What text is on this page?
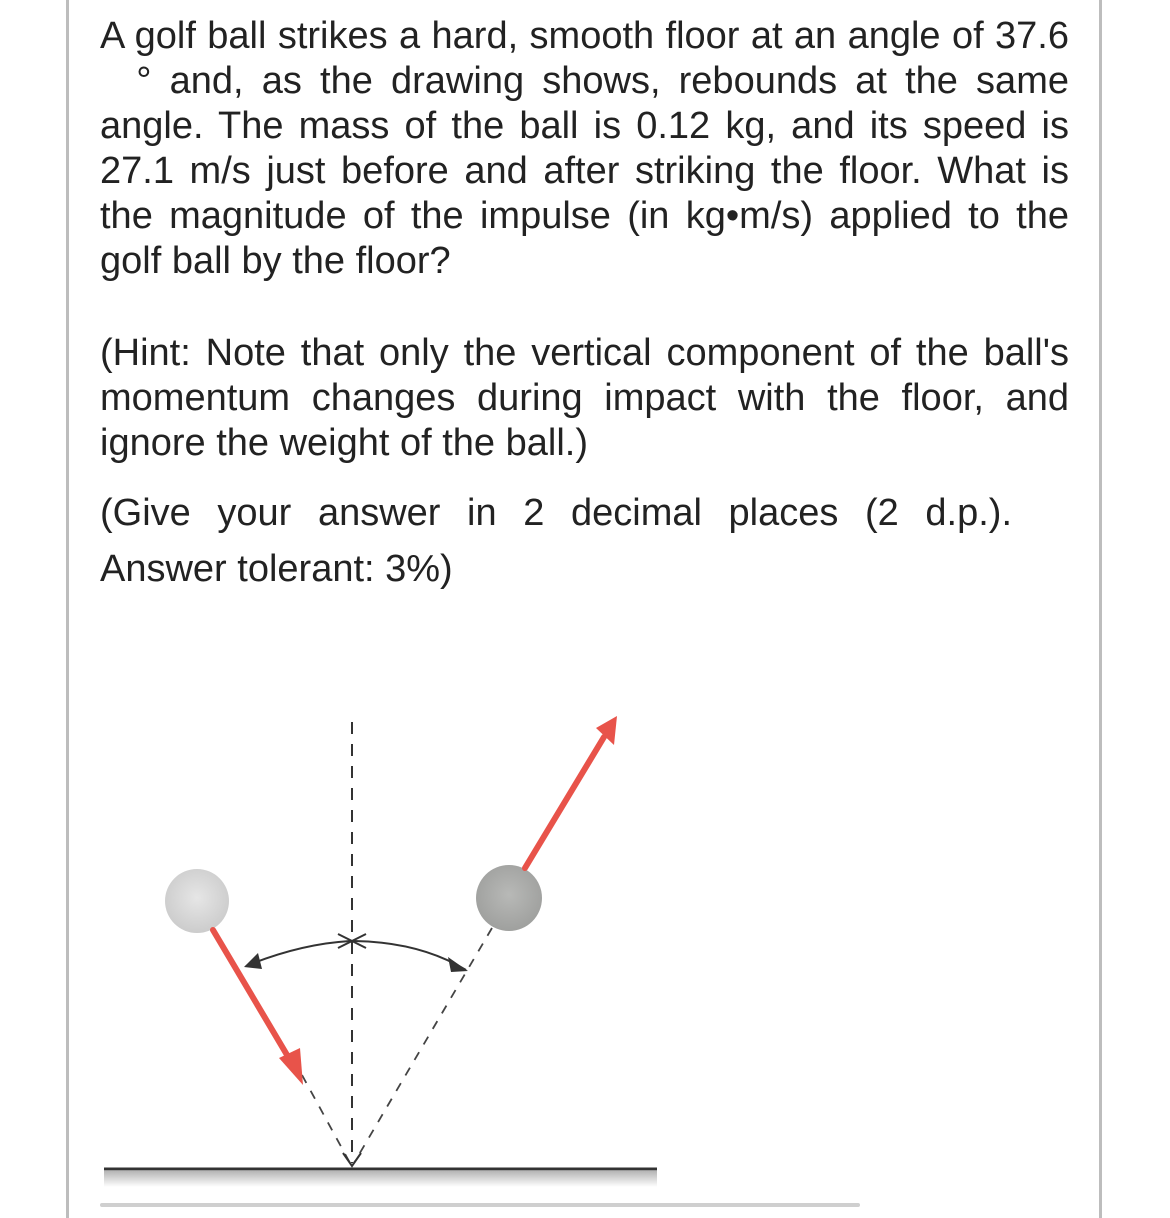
A golf ball strikes a hard, smooth floor at an angle of 37.6  ° and, as the drawing shows, rebounds at the same angle. The mass of the ball is 0.12 kg, and its speed is 27.1 m/s just before and after striking the floor. What is the magnitude of the impulse (in kg•m/s) applied to the golf ball by the floor?

(Hint: Note that only the vertical component of the ball's momentum changes during impact with the floor, and ignore the weight of the ball.)

(Give your answer in 2 decimal places (2 d.p.).
Answer tolerant: 3%)
